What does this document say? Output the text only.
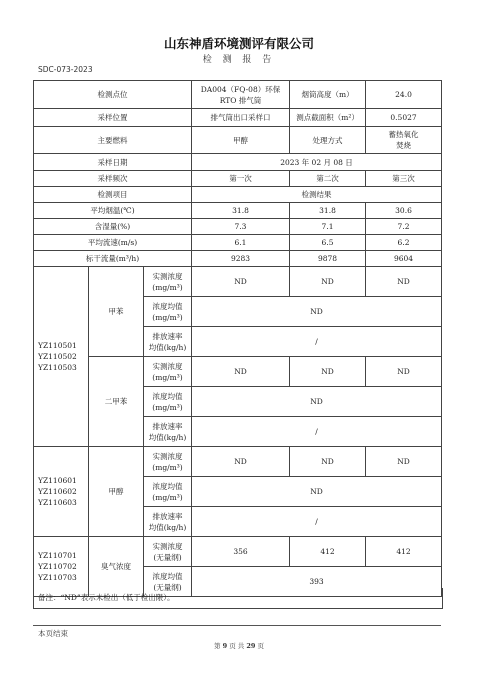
山东神盾环境测评有限公司
检 测 报 告
SDC-073-2023
检测点位			DA004（FQ-08）环保
RTO 排气筒	烟筒高度（m）	24.0
采样位置			排气筒出口采样口	测点截面积（m²）	0.5027
主要燃料			甲醇	处理方式	蓄热氧化
焚烧
采样日期			2023 年 02 月 08 日		
采样频次			第一次	第二次	第三次
检测项目			检测结果		
平均烟温(℃)			31.8	31.8	30.6
含湿量(%)			7.3	7.1	7.2
平均流速(m/s)			6.1	6.5	6.2
标干流量(m³/h)			9283	9878	9604
YZ110501
YZ110502
YZ110503	甲苯	实测浓度
(mg/m³)	ND	ND	ND
		浓度均值
(mg/m³)	ND		
		排放速率
均值(kg/h)	/		
	二甲苯	实测浓度
(mg/m³)	ND	ND	ND
		浓度均值
(mg/m³)	ND		
		排放速率
均值(kg/h)	/		
YZ110601
YZ110602
YZ110603	甲醇	实测浓度
(mg/m³)	ND	ND	ND
		浓度均值
(mg/m³)	ND		
		排放速率
均值(kg/h)	/		
YZ110701
YZ110702
YZ110703	臭气浓度	实测浓度
(无量纲)	356	412	412
		浓度均值
(无量纲)	393		
备注：“ND”表示未检出（低于检出限）。
本页结束
第 9 页 共 29 页
